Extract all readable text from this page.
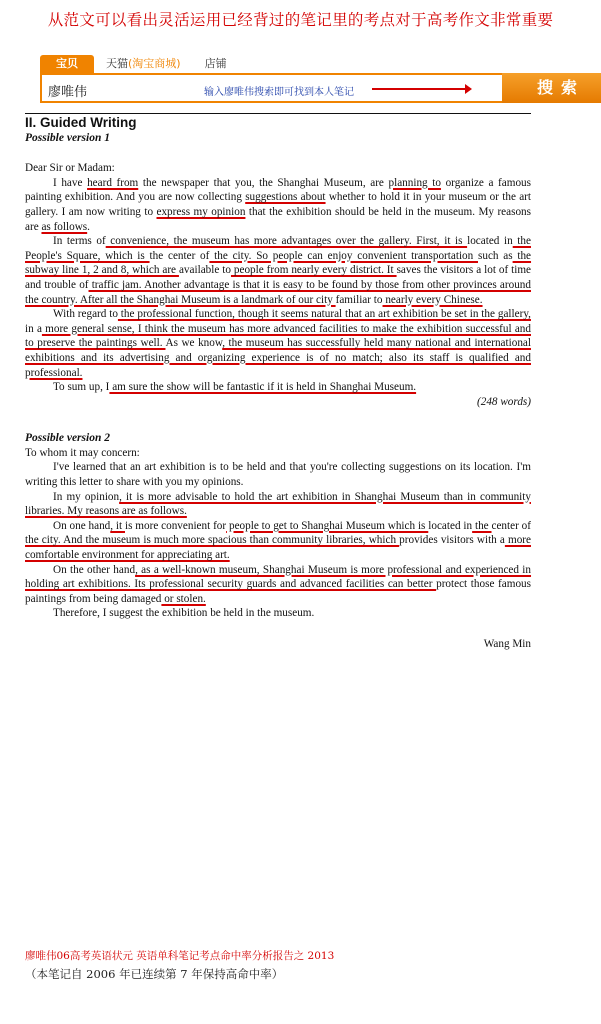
从范文可以看出灵活运用已经背过的笔记里的考点对于高考作文非常重要
宝贝	天猫(淘宝商城)	店铺
廖唯伟	输入廖唯伟搜索即可找到本人笔记	搜索
II. Guided Writing
Possible version 1

Dear Sir or Madam:

I have heard from the newspaper that you, the Shanghai Museum, are planning to organize a famous painting exhibition. And you are now collecting suggestions about whether to hold it in your museum or the art gallery. I am now writing to express my opinion that the exhibition should be held in the museum. My reasons are as follows.

In terms of convenience, the museum has more advantages over the gallery. First, it is located in the People's Square, which is the center of the city. So people can enjoy convenient transportation such as the subway line 1, 2 and 8, which are available to people from nearly every district. It saves the visitors a lot of time and trouble of traffic jam. Another advantage is that it is easy to be found by those from other provinces around the country. After all the Shanghai Museum is a landmark of our city familiar to nearly every Chinese.

With regard to the professional function, though it seems natural that an art exhibition be set in the gallery, in a more general sense, I think the museum has more advanced facilities to make the exhibition successful and to preserve the paintings well. As we know, the museum has successfully held many national and international exhibitions and its advertising and organizing experience is of no match; also its staff is qualified and professional.

To sum up, I am sure the show will be fantastic if it is held in Shanghai Museum.

(248 words)

Possible version 2

To whom it may concern:

I've learned that an art exhibition is to be held and that you're collecting suggestions on its location. I'm writing this letter to share with you my opinions.

In my opinion, it is more advisable to hold the art exhibition in Shanghai Museum than in community libraries. My reasons are as follows.

On one hand, it is more convenient for people to get to Shanghai Museum which is located in the center of the city. And the museum is much more spacious than community libraries, which provides visitors with a more comfortable environment for appreciating art.

On the other hand, as a well-known museum, Shanghai Museum is more professional and experienced in holding art exhibitions. Its professional security guards and advanced facilities can better protect those famous paintings from being damaged or stolen.

Therefore, I suggest the exhibition be held in the museum.

Wang Min

廖唯伟06高考英语状元 英语单科笔记考点命中率分析报告之 2013
（本笔记自 2006 年已连续第 7 年保持高命中率）
